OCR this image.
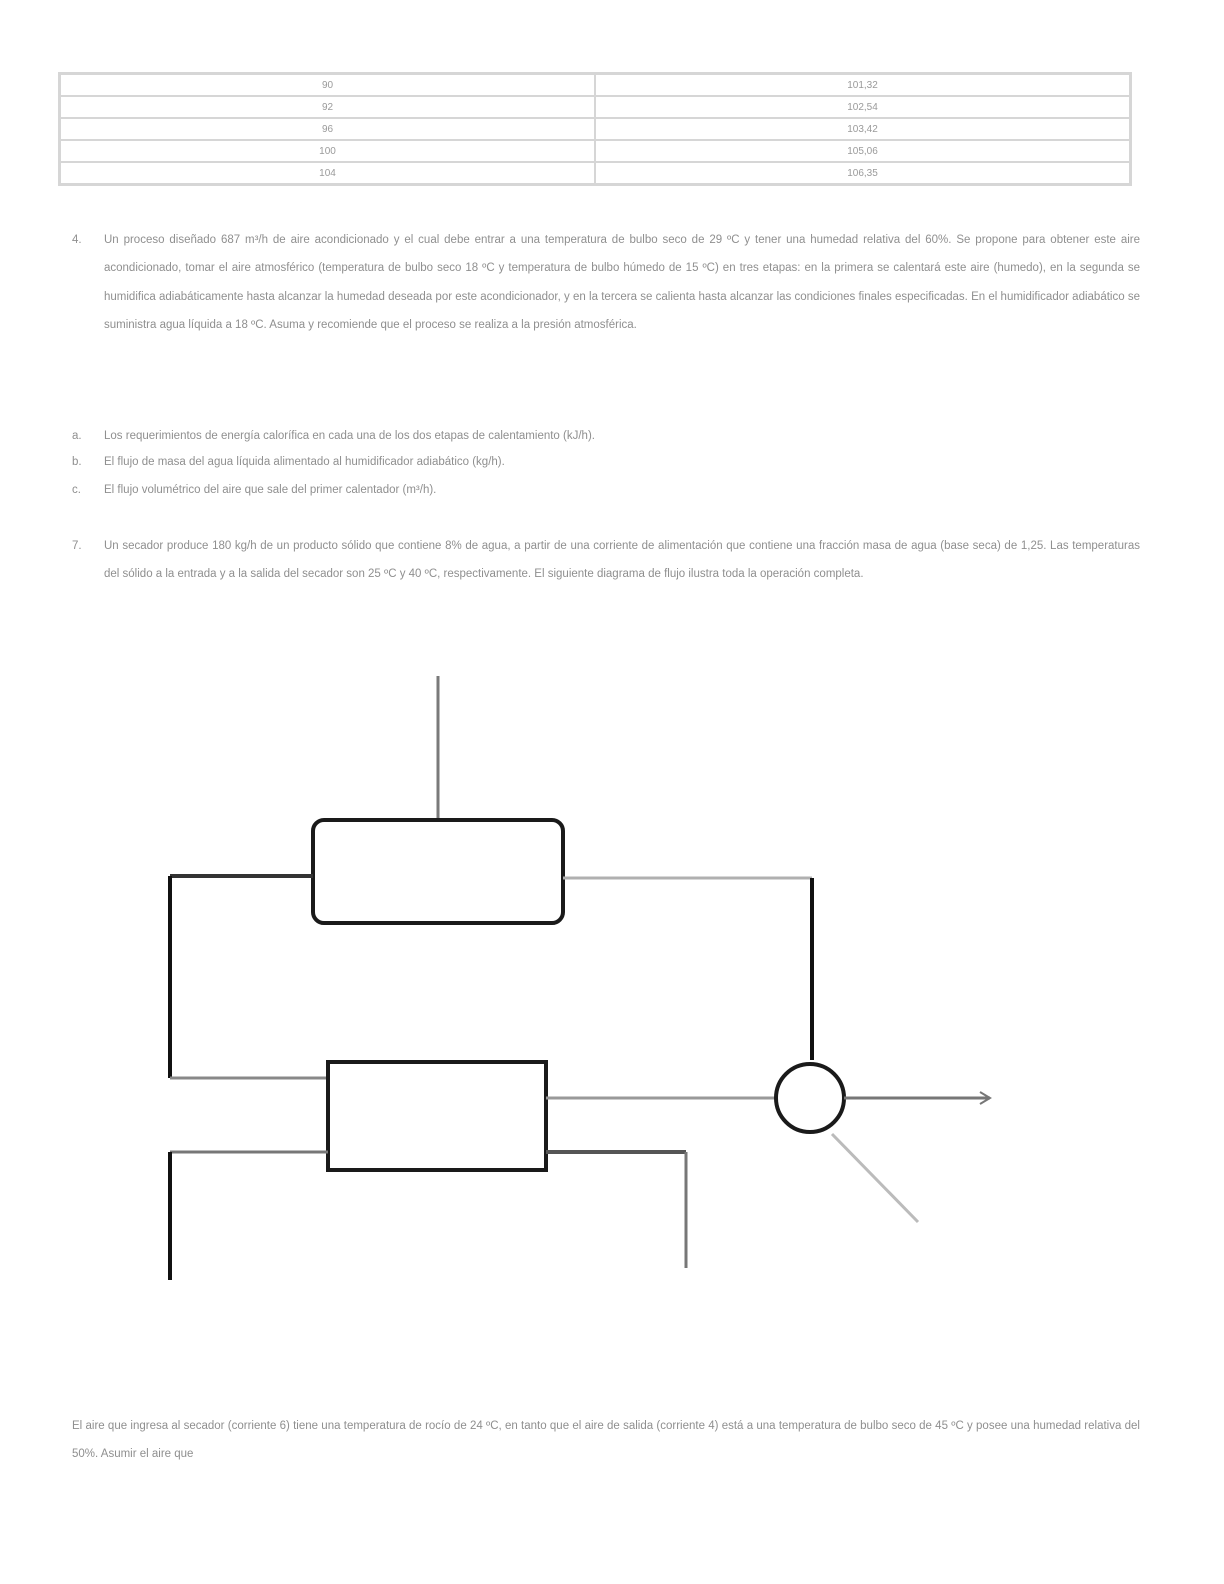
90	101,32
92	102,54
96	103,42
100	105,06
104	106,35
4. Un proceso diseñado 687 m³/h de aire acondicionado y el cual debe entrar a una temperatura de bulbo seco de 29 ºC y tener una humedad relativa del 60%. Se propone para obtener este aire acondicionado, tomar el aire atmosférico (temperatura de bulbo seco 18 ºC y temperatura de bulbo húmedo de 15 ºC) en tres etapas: en la primera se calentará este aire (humedo), en la segunda se humidifica adiabáticamente hasta alcanzar la humedad deseada por este acondicionador, y en la tercera se calienta hasta alcanzar las condiciones finales especificadas. En el humidificador adiabático se suministra agua líquida a 18 ºC. Asuma y recomiende que el proceso se realiza a la presión atmosférica.

a. Los requerimientos de energía calorífica en cada una de los dos etapas de calentamiento (kJ/h).

b. El flujo de masa del agua líquida alimentado al humidificador adiabático (kg/h).

c. El flujo volumétrico del aire que sale del primer calentador (m³/h).

7. Un secador produce 180 kg/h de un producto sólido que contiene 8% de agua, a partir de una corriente de alimentación que contiene una fracción masa de agua (base seca) de 1,25. Las temperaturas del sólido a la entrada y a la salida del secador son 25 ºC y 40 ºC, respectivamente. El siguiente diagrama de flujo ilustra toda la operación completa.

El aire que ingresa al secador (corriente 6) tiene una temperatura de rocío de 24 ºC, en tanto que el aire de salida (corriente 4) está a una temperatura de bulbo seco de 45 ºC y posee una humedad relativa del 50%. Asumir el aire que
